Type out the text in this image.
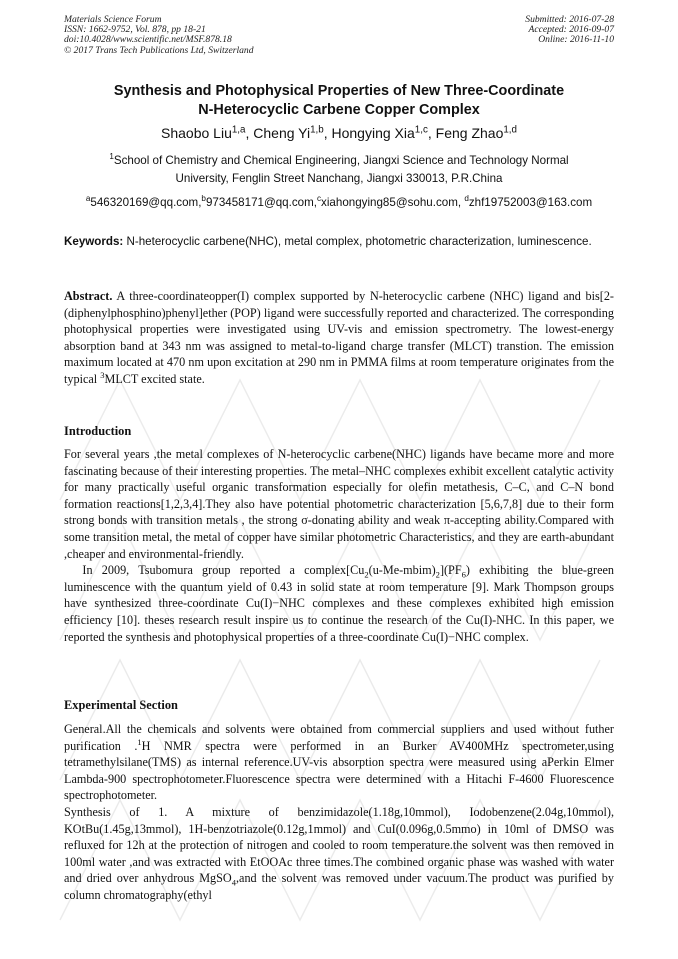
Materials Science Forum
ISSN: 1662-9752, Vol. 878, pp 18-21
doi:10.4028/www.scientific.net/MSF.878.18
© 2017 Trans Tech Publications Ltd, Switzerland
Submitted: 2016-07-28
Accepted: 2016-09-07
Online: 2016-11-10
Synthesis and Photophysical Properties of New Three-Coordinate
N-Heterocyclic Carbene Copper Complex
Shaobo Liu$^{1,a}$, Cheng Yi$^{1,b}$, Hongying Xia$^{1,c}$, Feng Zhao$^{1,d}$
$^1$School of Chemistry and Chemical Engineering, Jiangxi Science and Technology Normal
University, Fenglin Street Nanchang, Jiangxi 330013, P.R.China
$^a$546320169@qq.com,$^b$973458171@qq.com,$^c$xiahongying85@sohu.com, $^d$zhf19752003@163.com
Keywords: N-heterocyclic carbene(NHC), metal complex, photometric characterization, luminescence.

Abstract. A three-coordinateopper(I) complex supported by N-heterocyclic carbene (NHC) ligand and bis[2-(diphenylphosphino)phenyl]ether (POP) ligand were successfully reported and characterized. The corresponding photophysical properties were investigated using UV-vis and emission spectrometry. The lowest-energy absorption band at 343 nm was assigned to metal-to-ligand charge transfer (MLCT) transtion. The emission maximum located at 470 nm upon excitation at 290 nm in PMMA films at room temperature originates from the typical $^3$MLCT excited state.

Introduction

For several years ,the metal complexes of N-heterocyclic carbene(NHC) ligands have became more and more fascinating because of their interesting properties. The metal–NHC complexes exhibit excellent catalytic activity for many practically useful organic transformation especially for olefin metathesis, C–C, and C–N bond formation reactions[1,2,3,4].They also have potential photometric characterization [5,6,7,8] due to their form strong bonds with transition metals , the strong σ-donating ability and weak π-accepting ability.Compared with some transition metal, the metal of copper have similar photometric Characteristics, and they are earth-abundant ,cheaper and environmental-friendly.

In 2009, Tsubomura group reported a $complex[Cu_2(u-Me-mbim)_2](PF_6)$ exhibiting the blue-green luminescence with the quantum yield of 0.43 in solid state at room temperature [9]. Mark Thompson groups have synthesized three-coordinate Cu(I)−NHC complexes and these complexes exhibited high emission efficiency [10]. theses research result inspire us to continue the research of the Cu(I)-NHC. In this paper, we reported the synthesis and photophysical properties of a three-coordinate Cu(I)−NHC complex.

Experimental Section

General.All the chemicals and solvents were obtained from commercial suppliers and used without futher purification .$^1$H NMR spectra were performed in an Burker AV400MHz spectrometer,using tetramethylsilane(TMS) as internal reference.UV-vis absorption spectra were measured using aPerkin Elmer Lambda-900 spectrophotometer.Fluorescence spectra were determined with a Hitachi F-4600 Fluorescence spectrophotometer.

Synthesis of 1. A mixture of benzimidazole(1.18g,10mmol), Iodobenzene(2.04g,10mmol), KOtBu(1.45g,13mmol), 1H-benzotriazole(0.12g,1mmol) and CuI(0.096g,0.5mmo) in 10ml of DMSO was refluxed for 12h at the protection of nitrogen and cooled to room temperature.the solvent was then removed in 100ml water ,and was extracted with EtOOAc three times.The combined organic phase was washed with water and dried over anhydrous MgSO$_4$,and the solvent was removed under vacuum.The product was purified by column chromatography(ethyl
